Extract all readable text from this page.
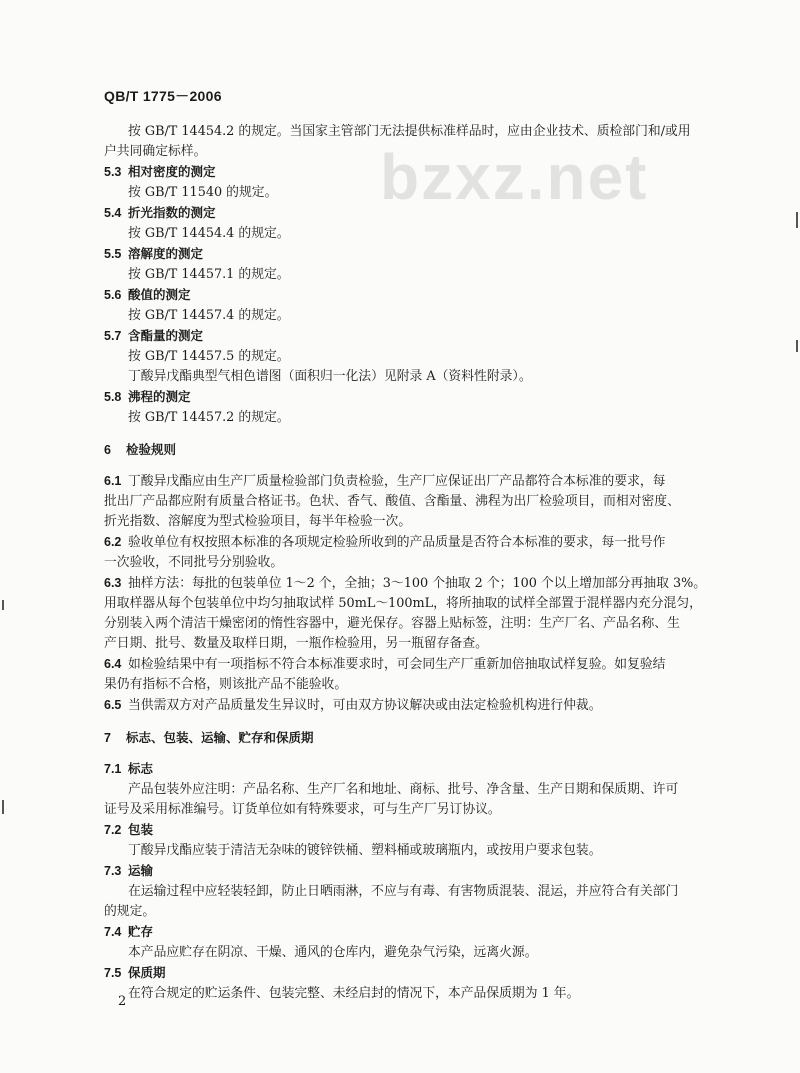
QB/T 1775－2006
bzxz.net
按 GB/T 14454.2 的规定。当国家主管部门无法提供标准样品时，应由企业技术、质检部门和/或用
户共同确定标样。
5.3 相对密度的测定
按 GB/T 11540 的规定。
5.4 折光指数的测定
按 GB/T 14454.4 的规定。
5.5 溶解度的测定
按 GB/T 14457.1 的规定。
5.6 酸值的测定
按 GB/T 14457.4 的规定。
5.7 含酯量的测定
按 GB/T 14457.5 的规定。
丁酸异戊酯典型气相色谱图（面积归一化法）见附录 A（资料性附录）。
5.8 沸程的测定
按 GB/T 14457.2 的规定。
6 检验规则
6.1 丁酸异戊酯应由生产厂质量检验部门负责检验，生产厂应保证出厂产品都符合本标准的要求，每
批出厂产品都应附有质量合格证书。色状、香气、酸值、含酯量、沸程为出厂检验项目，而相对密度、
折光指数、溶解度为型式检验项目，每半年检验一次。
6.2 验收单位有权按照本标准的各项规定检验所收到的产品质量是否符合本标准的要求，每一批号作
一次验收，不同批号分别验收。
6.3 抽样方法：每批的包装单位 1～2 个，全抽；3～100 个抽取 2 个；100 个以上增加部分再抽取 3%。
用取样器从每个包装单位中均匀抽取试样 50mL～100mL，将所抽取的试样全部置于混样器内充分混匀，
分别装入两个清洁干燥密闭的惰性容器中，避光保存。容器上贴标签，注明：生产厂名、产品名称、生
产日期、批号、数量及取样日期，一瓶作检验用，另一瓶留存备查。
6.4 如检验结果中有一项指标不符合本标准要求时，可会同生产厂重新加倍抽取试样复验。如复验结
果仍有指标不合格，则该批产品不能验收。
6.5 当供需双方对产品质量发生异议时，可由双方协议解决或由法定检验机构进行仲裁。
7 标志、包装、运输、贮存和保质期
7.1 标志
产品包装外应注明：产品名称、生产厂名和地址、商标、批号、净含量、生产日期和保质期、许可
证号及采用标准编号。订货单位如有特殊要求，可与生产厂另订协议。
7.2 包装
丁酸异戊酯应装于清洁无杂味的镀锌铁桶、塑料桶或玻璃瓶内，或按用户要求包装。
7.3 运输
在运输过程中应轻装轻卸，防止日晒雨淋，不应与有毒、有害物质混装、混运，并应符合有关部门
的规定。
7.4 贮存
本产品应贮存在阴凉、干燥、通风的仓库内，避免杂气污染，远离火源。
7.5 保质期
在符合规定的贮运条件、包装完整、未经启封的情况下，本产品保质期为 1 年。
2
